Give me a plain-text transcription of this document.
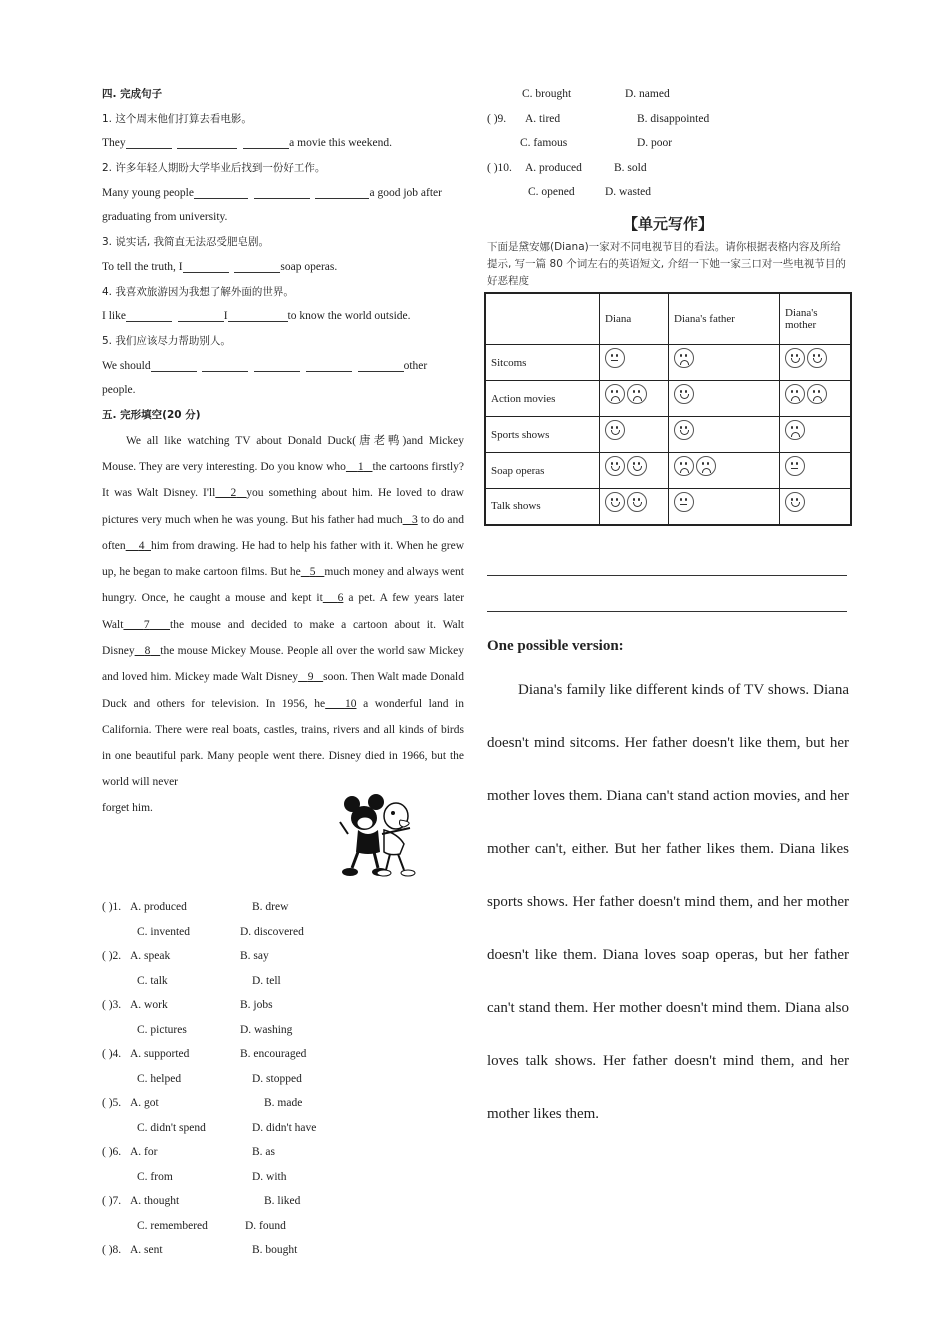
四. 完成句子
1. 这个周末他们打算去看电影。
They	a movie this weekend.
2. 许多年轻人期盼大学毕业后找到一份好工作。
Many young people	a good job after
graduating from university.
3. 说实话, 我简直无法忍受肥皂剧。
To tell the truth, I	soap operas.
4. 我喜欢旅游因为我想了解外面的世界。
I like	I	to know the world outside.
5. 我们应该尽力帮助别人。
We should	other
people.
五. 完形填空(20 分)
We all like watching TV about Donald Duck(唐老鸭)and Mickey Mouse. They are very interesting. Do you know who 1 the cartoons firstly? It was Walt Disney. I'll 2 you something about him. He loved to draw pictures very much when he was young. But his father had much 3 to do and often 4 him from drawing. He had to help his father with it. When he grew up, he began to make cartoon films. But he 5 much money and always went hungry. Once, he caught a mouse and kept it 6 a pet. A few years later Walt 7 the mouse and decided to make a cartoon about it. Walt Disney 8 the mouse Mickey Mouse. People all over the world saw Mickey and loved him. Mickey made Walt Disney 9 soon. Then Walt made Donald Duck and others for television. In 1956, he 10 a wonderful land in California. There were real boats, castles, trains, rivers and all kinds of birds in one beautiful park. Many people went there. Disney died in 1966, but the world will never
forget him.
( )1. A. produced	B. drew
C. invented	D. discovered
( )2. A. speak	B. say
C. talk	D. tell
( )3. A. work	B. jobs
C. pictures	D. washing
( )4. A. supported	B. encouraged
C. helped	D. stopped
( )5. A. got	B. made
C. didn't spend	D. didn't have
( )6. A. for	B. as
C. from	D. with
( )7. A. thought	B. liked
C. remembered	D. found
( )8. A. sent	B. bought
C. brought	D. named
( )9. A. tired	B. disappointed
C. famous	D. poor
( )10. A. produced	B. sold
C. opened	D. wasted
【单元写作】
下面是黛安娜(Diana)一家对不同电视节目的看法。请你根据表格内容及所给提示, 写一篇 80 个词左右的英语短文, 介绍一下她一家三口对一些电视节目的好恶程度
	Diana	Diana's father	Diana's mother
Sitcoms	

Action movies	

Sports shows	

Soap operas	

Talk shows	

One possible version:
Diana's family like different kinds of TV shows. Diana doesn't mind sitcoms. Her father doesn't like them, but her mother loves them. Diana can't stand action movies, and her mother can't, either. But her father likes them. Diana likes sports shows. Her father doesn't mind them, and her mother doesn't like them. Diana loves soap operas, but her father can't stand them. Her mother doesn't mind them. Diana also loves talk shows. Her father doesn't mind them, and her mother likes them.
